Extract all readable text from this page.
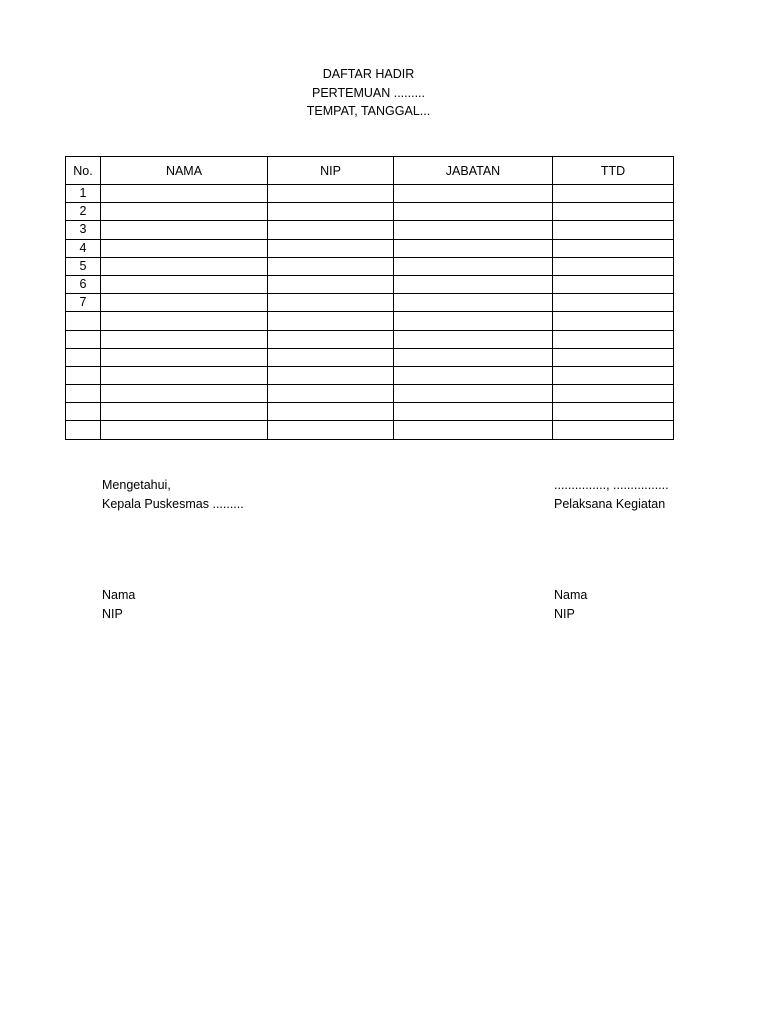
DAFTAR HADIR
PERTEMUAN .........
TEMPAT, TANGGAL...
No.	NAMA	NIP	JABATAN	TTD
1				
2				
3				
4				
5				
6				
7				

Mengetahui,
Kepala Puskesmas .........
..............., ................
Pelaksana Kegiatan
Nama
NIP
Nama
NIP
